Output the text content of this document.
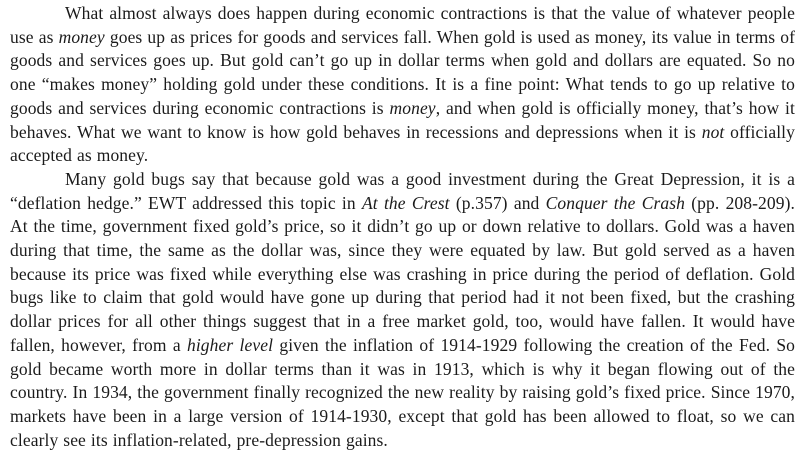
What almost always does happen during economic contractions is that the value of whatever people use as money goes up as prices for goods and services fall. When gold is used as money, its value in terms of goods and services goes up. But gold can’t go up in dollar terms when gold and dollars are equated. So no one “makes money” holding gold under these conditions. It is a fine point: What tends to go up relative to goods and services during economic contractions is money, and when gold is officially money, that’s how it behaves. What we want to know is how gold behaves in recessions and depressions when it is not officially accepted as money.

Many gold bugs say that because gold was a good investment during the Great Depression, it is a “deflation hedge.” EWT addressed this topic in At the Crest (p.357) and Conquer the Crash (pp. 208-209). At the time, government fixed gold’s price, so it didn’t go up or down relative to dollars. Gold was a haven during that time, the same as the dollar was, since they were equated by law. But gold served as a haven because its price was fixed while everything else was crashing in price during the period of deflation. Gold bugs like to claim that gold would have gone up during that period had it not been fixed, but the crashing dollar prices for all other things suggest that in a free market gold, too, would have fallen. It would have fallen, however, from a higher level given the inflation of 1914-1929 following the creation of the Fed. So gold became worth more in dollar terms than it was in 1913, which is why it began flowing out of the country. In 1934, the government finally recognized the new reality by raising gold’s fixed price. Since 1970, markets have been in a large version of 1914-1930, except that gold has been allowed to float, so we can clearly see its inflation-related, pre-depression gains.
